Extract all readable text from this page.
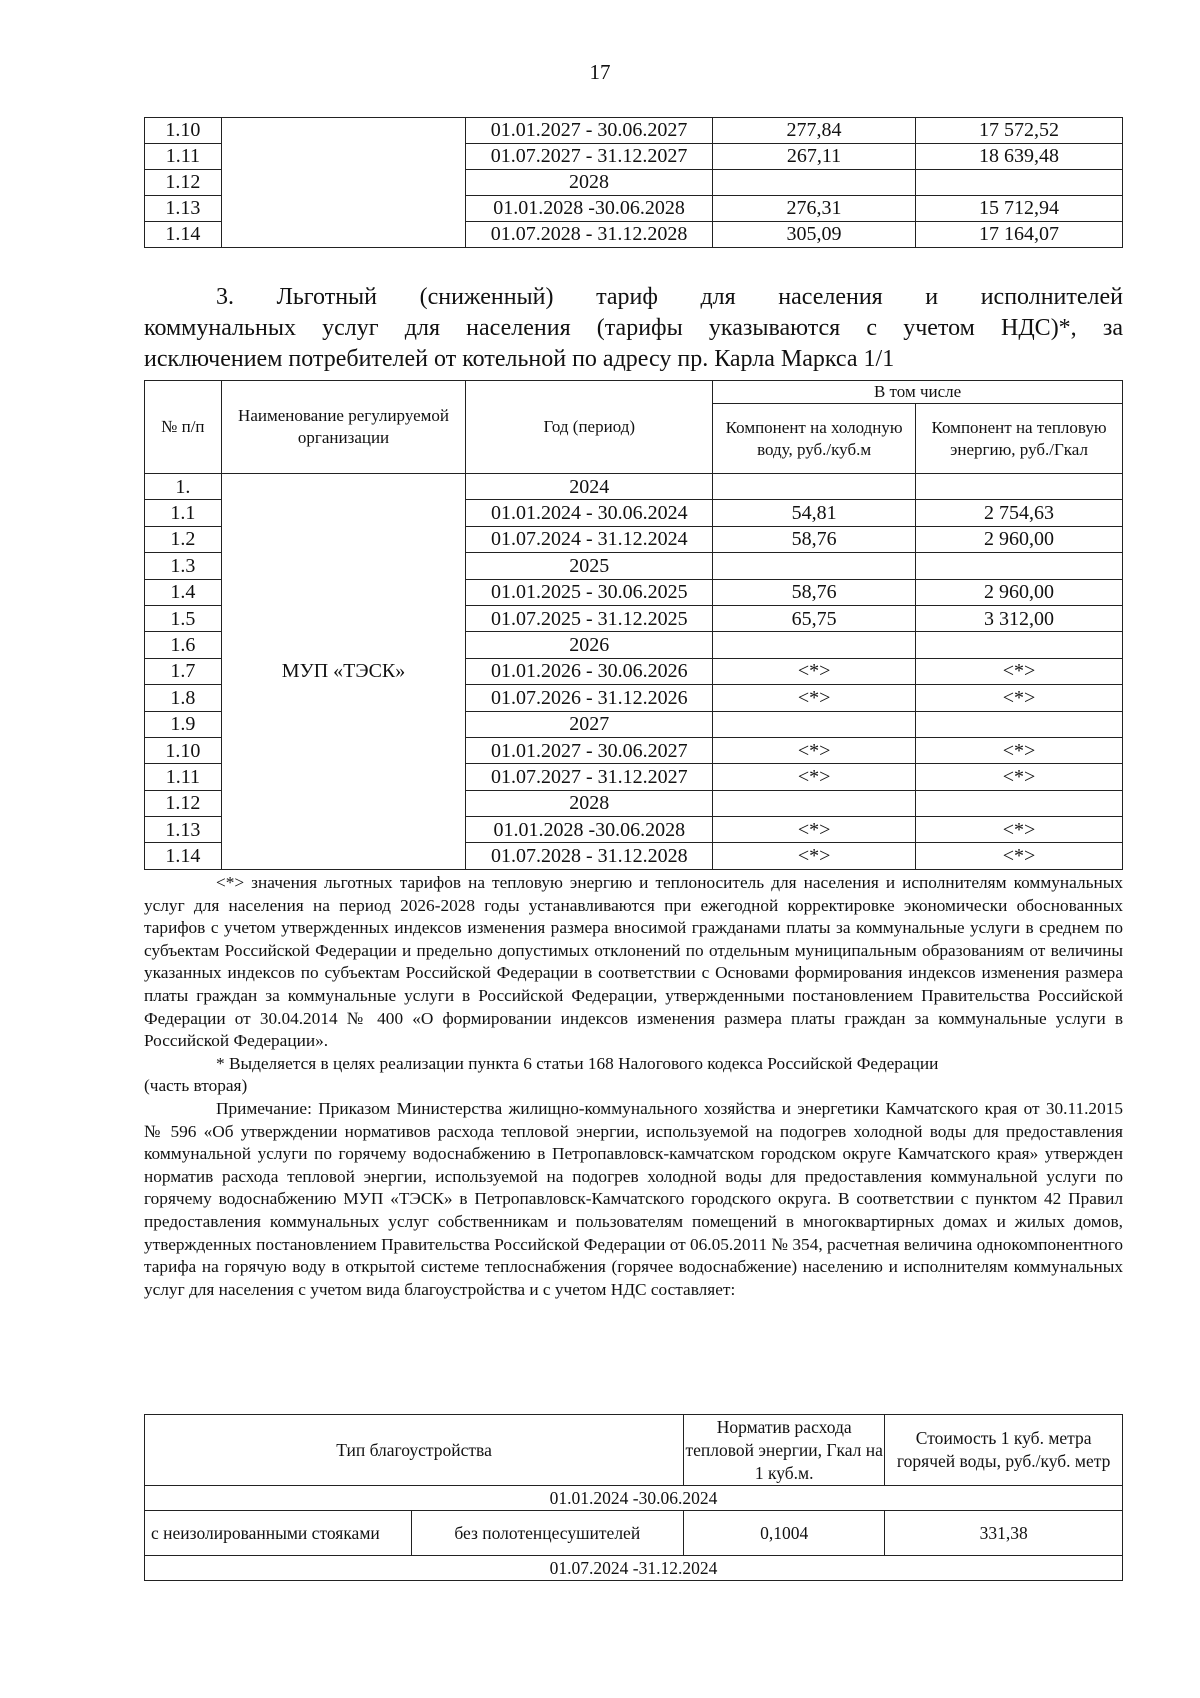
17
1.10		01.01.2027 - 30.06.2027	277,84	17 572,52
1.11		01.07.2027 - 31.12.2027	267,11	18 639,48
1.12		2028		
1.13		01.01.2028 -30.06.2028	276,31	15 712,94
1.14		01.07.2028 - 31.12.2028	305,09	17 164,07
3. Льготный (сниженный) тариф для населения и исполнителей
коммунальных услуг для населения (тарифы указываются с учетом НДС)*, за
исключением потребителей от котельной по адресу пр. Карла Маркса 1/1
№ п/п	Наименование регулируемой организации	Год (период)	В том числе	
			Компонент на холодную воду, руб./куб.м	Компонент на тепловую энергию, руб./Гкал
1.	МУП «ТЭСК»	2024		
1.1		01.01.2024 - 30.06.2024	54,81	2 754,63
1.2		01.07.2024 - 31.12.2024	58,76	2 960,00
1.3		2025		
1.4		01.01.2025 - 30.06.2025	58,76	2 960,00
1.5		01.07.2025 - 31.12.2025	65,75	3 312,00
1.6		2026		
1.7		01.01.2026 - 30.06.2026	<*>	<*>
1.8		01.07.2026 - 31.12.2026	<*>	<*>
1.9		2027		
1.10		01.01.2027 - 30.06.2027	<*>	<*>
1.11		01.07.2027 - 31.12.2027	<*>	<*>
1.12		2028		
1.13		01.01.2028 -30.06.2028	<*>	<*>
1.14		01.07.2028 - 31.12.2028	<*>	<*>

<*> значения льготных тарифов на тепловую энергию и теплоноситель для населения и исполнителям коммунальных услуг для населения на период 2026-2028 годы устанавливаются при ежегодной корректировке экономически обоснованных тарифов с учетом утвержденных индексов изменения размера вносимой гражданами платы за коммунальные услуги в среднем по субъектам Российской Федерации и предельно допустимых отклонений по отдельным муниципальным образованиям от величины указанных индексов по субъектам Российской Федерации в соответствии с Основами формирования индексов изменения размера платы граждан за коммунальные услуги в Российской Федерации, утвержденными постановлением Правительства Российской Федерации от 30.04.2014 № 400 «О формировании индексов изменения размера платы граждан за коммунальные услуги в Российской Федерации».

* Выделяется в целях реализации пункта 6 статьи 168 Налогового кодекса Российской Федерации

(часть вторая)

Примечание: Приказом Министерства жилищно-коммунального хозяйства и энергетики Камчатского края от 30.11.2015 № 596 «Об утверждении нормативов расхода тепловой энергии, используемой на подогрев холодной воды для предоставления коммунальной услуги по горячему водоснабжению в Петропавловск-камчатском городском округе Камчатского края» утвержден норматив расхода тепловой энергии, используемой на подогрев холодной воды для предоставления коммунальной услуги по горячему водоснабжению МУП «ТЭСК» в Петропавловск-Камчатского городского округа. В соответствии с пунктом 42 Правил предоставления коммунальных услуг собственникам и пользователям помещений в многоквартирных домах и жилых домов, утвержденных постановлением Правительства Российской Федерации от 06.05.2011 № 354, расчетная величина однокомпонентного тарифа на горячую воду в открытой системе теплоснабжения (горячее водоснабжение) населению и исполнителям коммунальных услуг для населения с учетом вида благоустройства и с учетом НДС составляет:

Тип благоустройства		Норматив расхода тепловой энергии, Гкал на 1 куб.м.	Стоимость 1 куб. метра горячей воды, руб./куб. метр
01.01.2024 -30.06.2024			
с неизолированными стояками	без полотенцесушителей	0,1004	331,38
01.07.2024 -31.12.2024			
